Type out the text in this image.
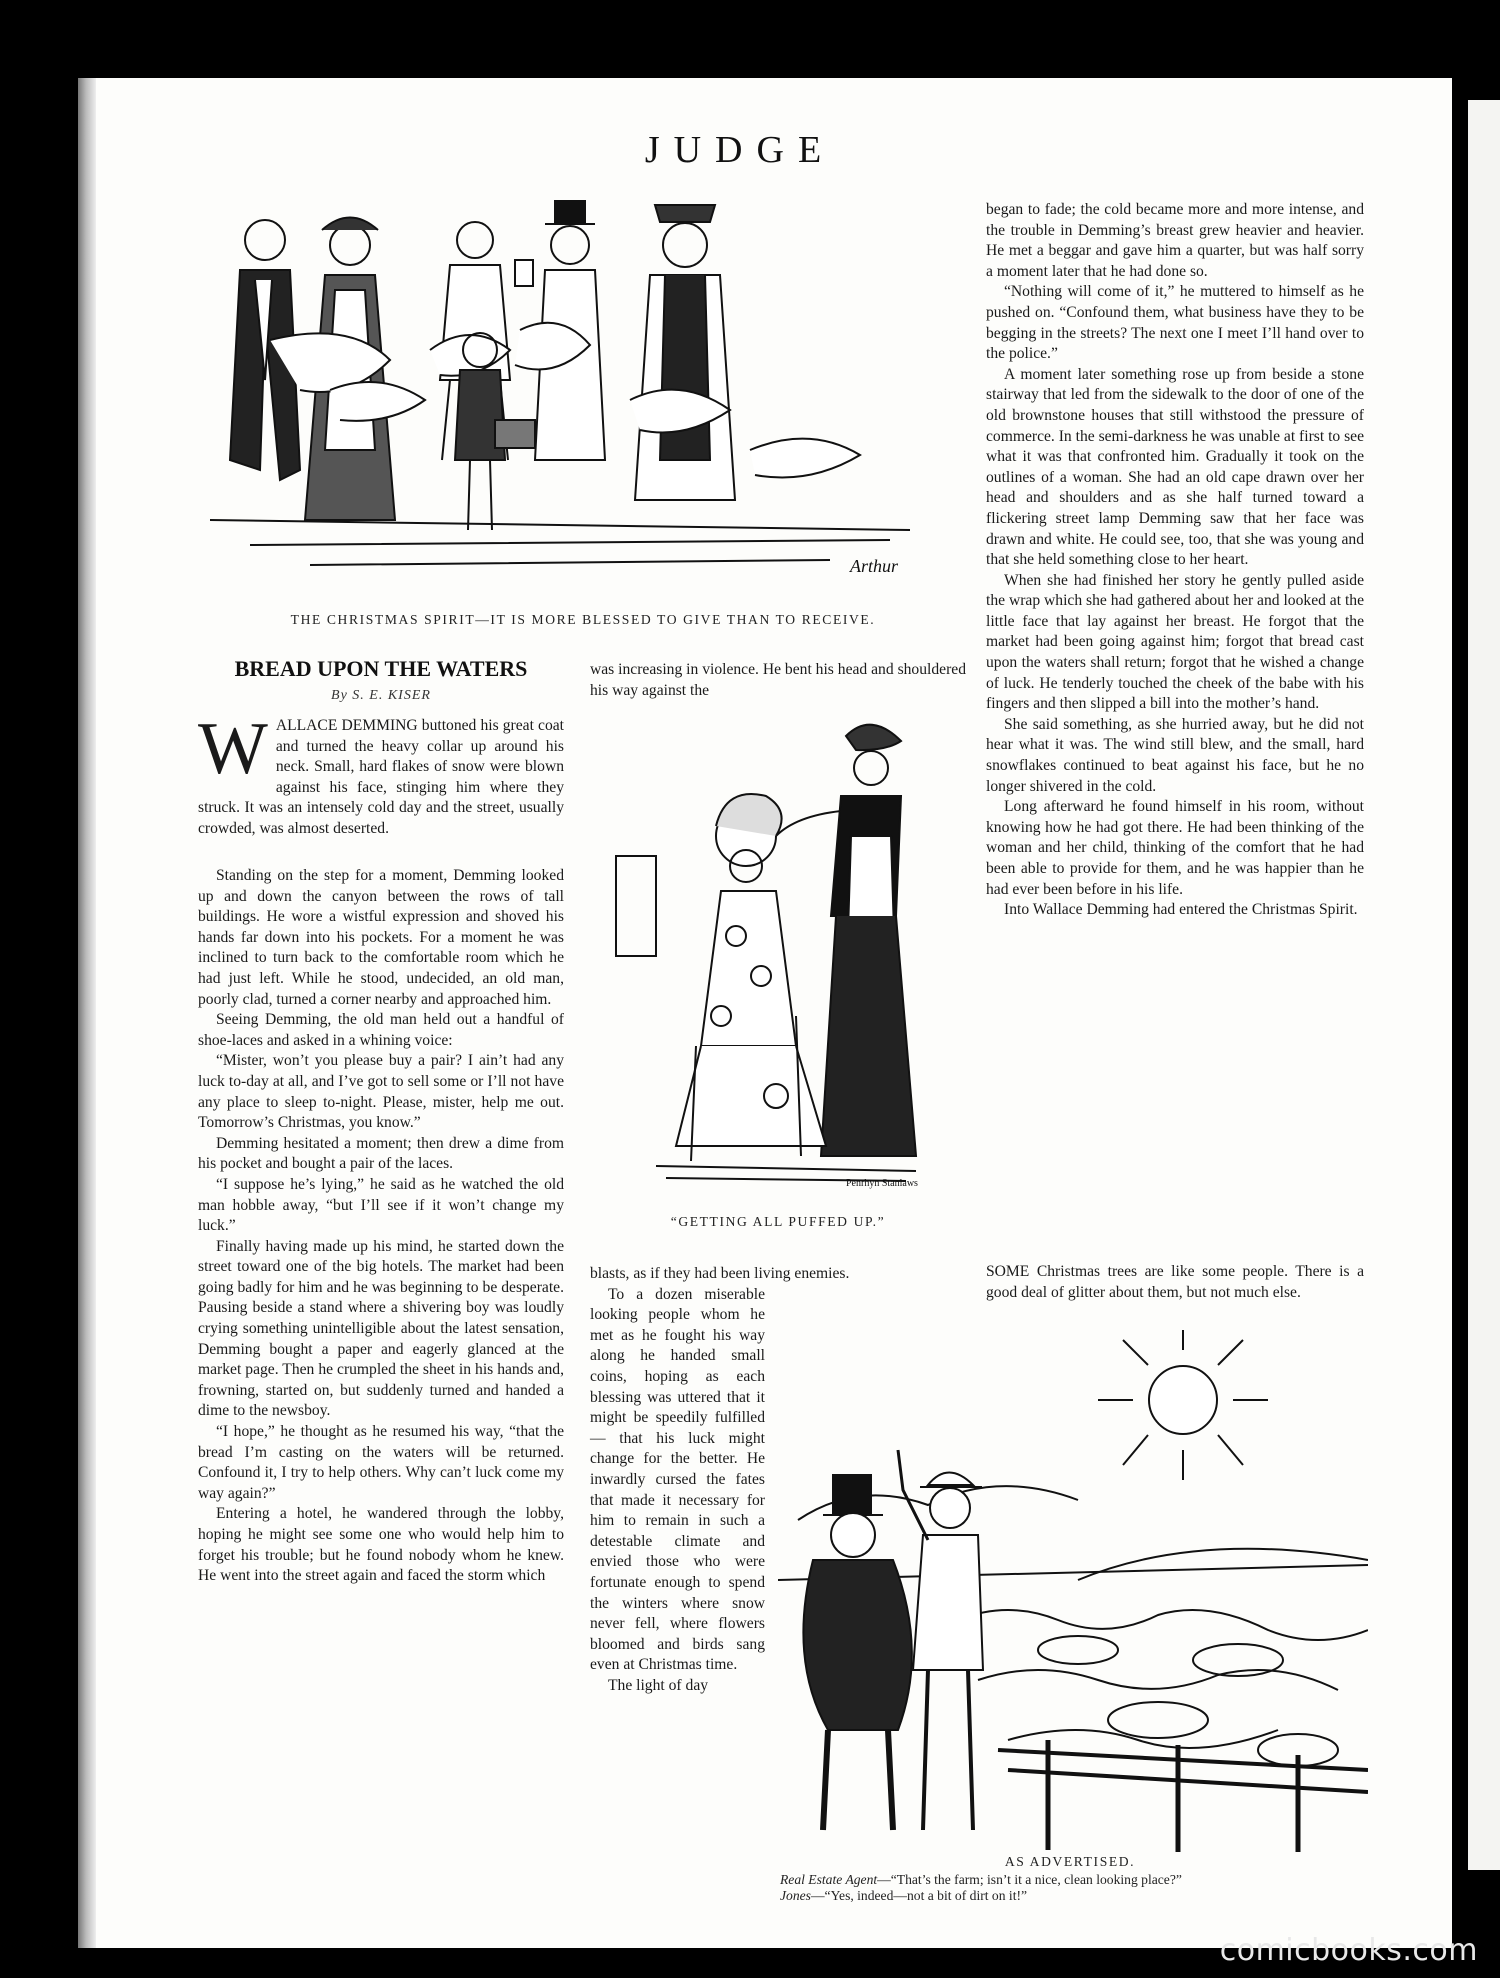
JUDGE
Arthur
THE CHRISTMAS SPIRIT—IT IS MORE BLESSED TO GIVE THAN TO RECEIVE.
BREAD UPON THE WATERS
By S. E. KISER
W ALLACE DEMMING buttoned his great coat and turned the heavy collar up around his neck. Small, hard flakes of snow were blown against his face, stinging him where they struck. It was an intensely cold day and the street, usually crowded, was almost deserted.

Standing on the step for a moment, Demming looked up and down the canyon between the rows of tall buildings. He wore a wistful expression and shoved his hands far down into his pockets. For a moment he was inclined to turn back to the comfortable room which he had just left. While he stood, undecided, an old man, poorly clad, turned a corner nearby and approached him.

Seeing Demming, the old man held out a handful of shoe-laces and asked in a whining voice:

“Mister, won’t you please buy a pair? I ain’t had any luck to-day at all, and I’ve got to sell some or I’ll not have any place to sleep to-night. Please, mister, help me out. Tomorrow’s Christmas, you know.”

Demming hesitated a moment; then drew a dime from his pocket and bought a pair of the laces.

“I suppose he’s lying,” he said as he watched the old man hobble away, “but I’ll see if it won’t change my luck.”

Finally having made up his mind, he started down the street toward one of the big hotels. The market had been going badly for him and he was beginning to be desperate. Pausing beside a stand where a shivering boy was loudly crying something unintelligible about the latest sensation, Demming bought a paper and eagerly glanced at the market page. Then he crumpled the sheet in his hands and, frowning, started on, but suddenly turned and handed a dime to the newsboy.

“I hope,” he thought as he resumed his way, “that the bread I’m casting on the waters will be returned. Confound it, I try to help others. Why can’t luck come my way again?”

Entering a hotel, he wandered through the lobby, hoping he might see some one who would help him to forget his trouble; but he found nobody whom he knew. He went into the street again and faced the storm which

was increasing in violence. He bent his head and shouldered his way against the

Penrhyn Stanlaws
“GETTING ALL PUFFED UP.”

blasts, as if they had been living enemies.

To a dozen miserable looking people whom he met as he fought his way along he handed small coins, hoping as each blessing was uttered that it might be speedily fulfilled — that his luck might change for the better. He inwardly cursed the fates that made it necessary for him to remain in such a detestable climate and envied those who were fortunate enough to spend the winters where snow never fell, where flowers bloomed and birds sang even at Christmas time.

The light of day

began to fade; the cold became more and more intense, and the trouble in Demming’s breast grew heavier and heavier. He met a beggar and gave him a quarter, but was half sorry a moment later that he had done so.

“Nothing will come of it,” he muttered to himself as he pushed on. “Confound them, what business have they to be begging in the streets? The next one I meet I’ll hand over to the police.”

A moment later something rose up from beside a stone stairway that led from the sidewalk to the door of one of the old brownstone houses that still withstood the pressure of commerce. In the semi-darkness he was unable at first to see what it was that confronted him. Gradually it took on the outlines of a woman. She had an old cape drawn over her head and shoulders and as she half turned toward a flickering street lamp Demming saw that her face was drawn and white. He could see, too, that she was young and that she held something close to her heart.

When she had finished her story he gently pulled aside the wrap which she had gathered about her and looked at the little face that lay against her breast. He forgot that the market had been going against him; forgot that bread cast upon the waters shall return; forgot that he wished a change of luck. He tenderly touched the cheek of the babe with his fingers and then slipped a bill into the mother’s hand.

She said something, as she hurried away, but he did not hear what it was. The wind still blew, and the small, hard snowflakes continued to beat against his face, but he no longer shivered in the cold.

Long afterward he found himself in his room, without knowing how he had got there. He had been thinking of the woman and her child, thinking of the comfort that he had been able to provide for them, and he was happier than he had ever been before in his life.

Into Wallace Demming had entered the Christmas Spirit.

SOME Christmas trees are like some people. There is a good deal of glitter about them, but not much else.

AS ADVERTISED.
Real Estate Agent—“That’s the farm; isn’t it a nice, clean looking place?”
Jones—“Yes, indeed—not a bit of dirt on it!”
comicbooks.com
